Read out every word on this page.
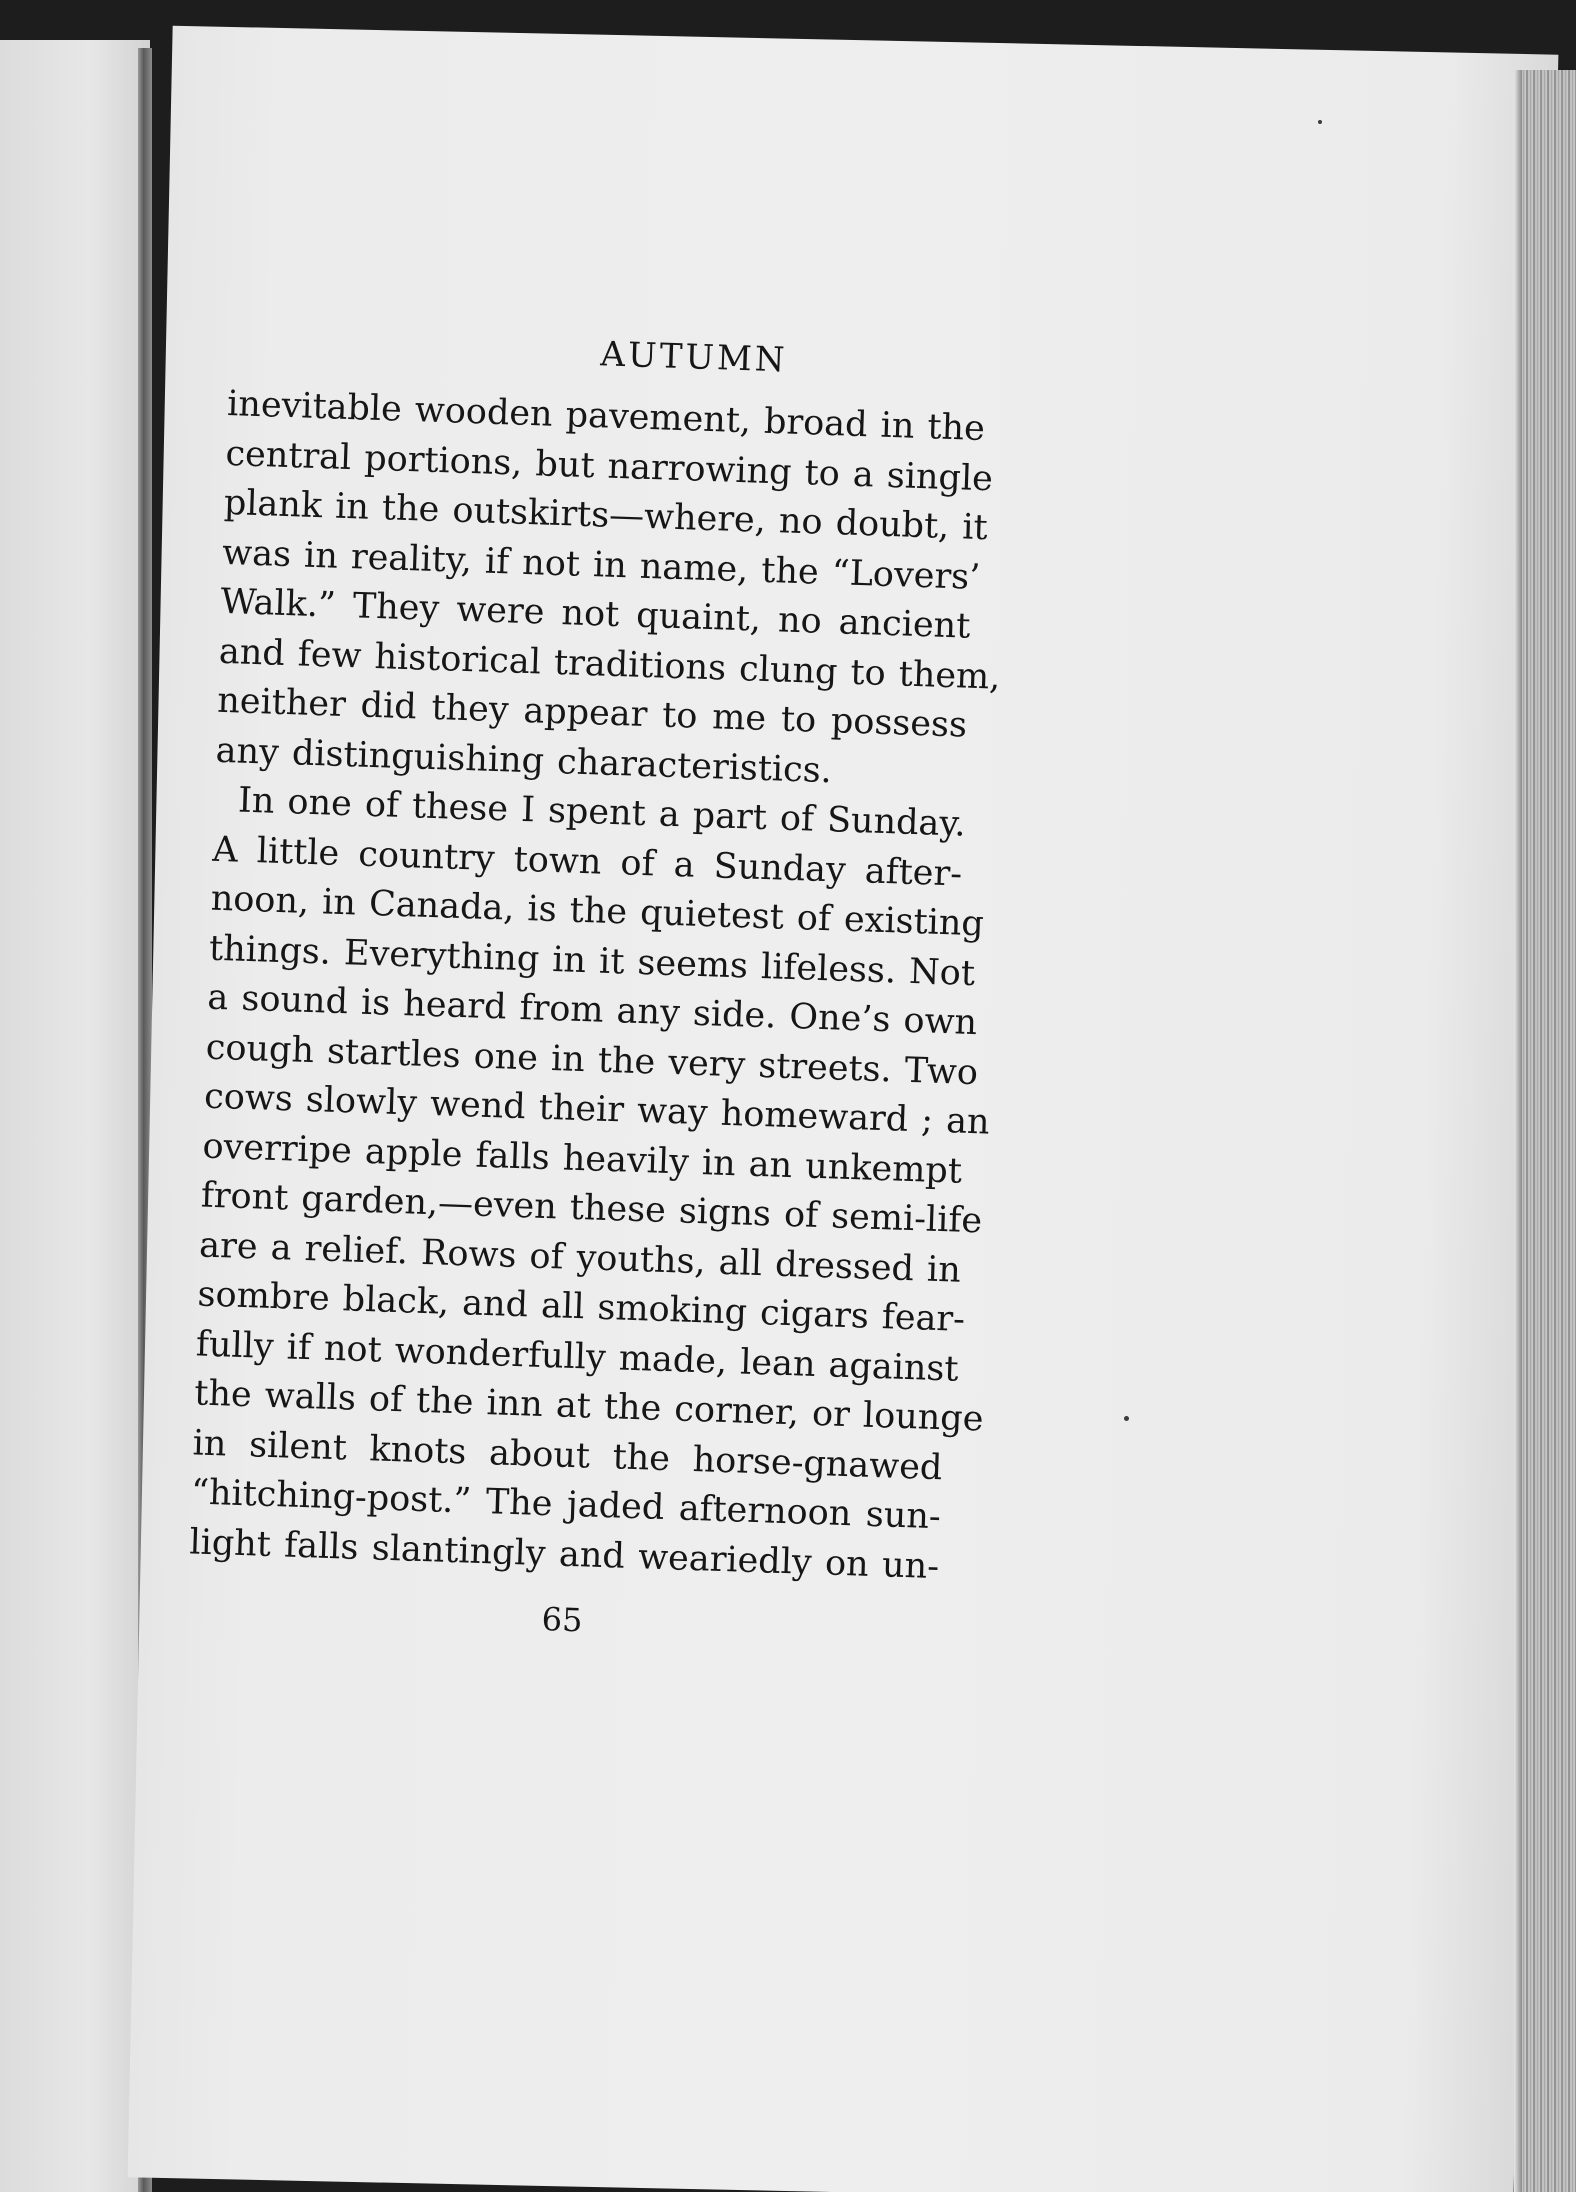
AUTUMN
inevitable wooden pavement, broad in the
central portions, but narrowing to a single
plank in the outskirts—where, no doubt, it
was in reality, if not in name, the “Lovers’
Walk.” They were not quaint, no ancient
and few historical traditions clung to them,
neither did they appear to me to possess
any distinguishing characteristics.
In one of these I spent a part of Sunday.
A little country town of a Sunday after-
noon, in Canada, is the quietest of existing
things. Everything in it seems lifeless. Not
a sound is heard from any side. One’s own
cough startles one in the very streets. Two
cows slowly wend their way homeward ; an
overripe apple falls heavily in an unkempt
front garden,—even these signs of semi-life
are a relief. Rows of youths, all dressed in
sombre black, and all smoking cigars fear-
fully if not wonderfully made, lean against
the walls of the inn at the corner, or lounge
in silent knots about the horse-gnawed
“hitching-post.” The jaded afternoon sun-
light falls slantingly and weariedly on un-
65
